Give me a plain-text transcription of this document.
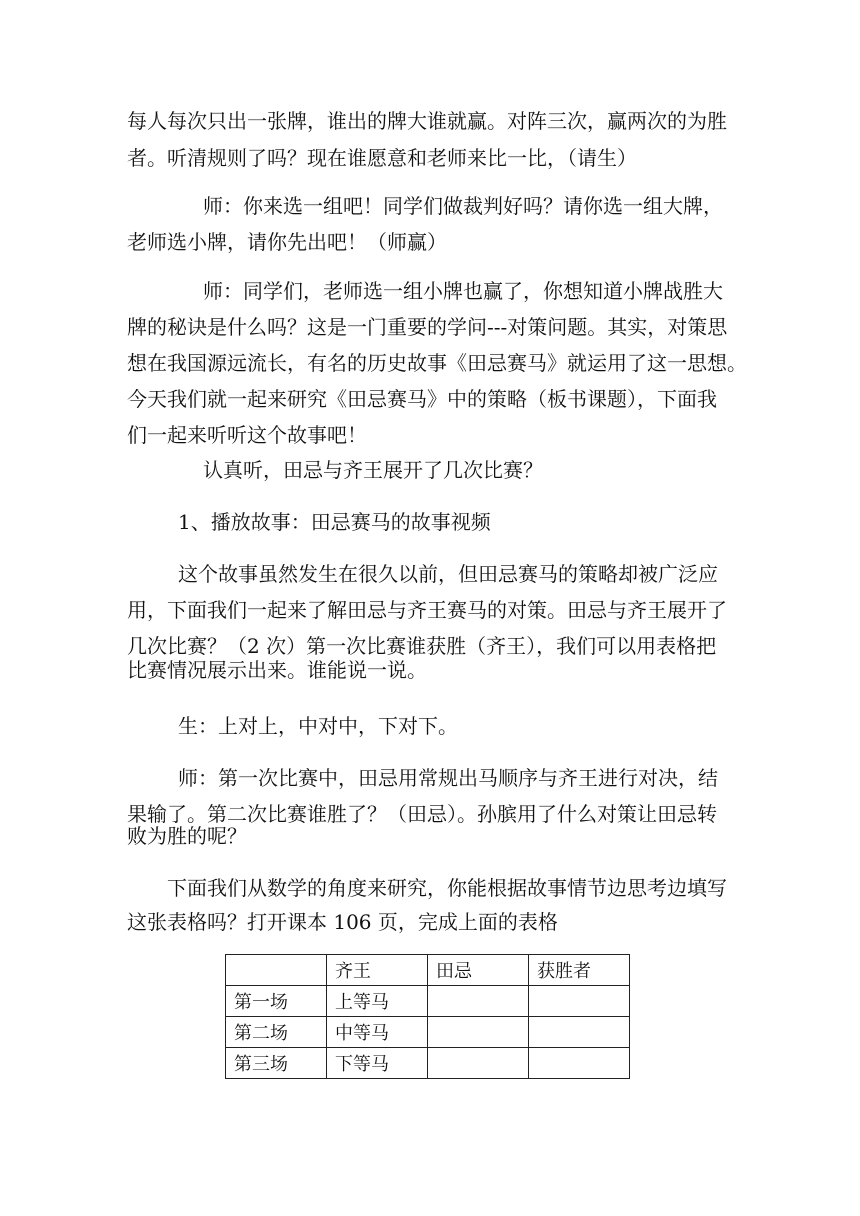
每人每次只出一张牌，谁出的牌大谁就赢。对阵三次，赢两次的为胜
者。听清规则了吗？现在谁愿意和老师来比一比，（请生）
师：你来选一组吧！同学们做裁判好吗？请你选一组大牌，
老师选小牌，请你先出吧！（师赢）
师：同学们，老师选一组小牌也赢了，你想知道小牌战胜大
牌的秘诀是什么吗？这是一门重要的学问---对策问题。其实，对策思
想在我国源远流长，有名的历史故事《田忌赛马》就运用了这一思想。
今天我们就一起来研究《田忌赛马》中的策略（板书课题），下面我
们一起来听听这个故事吧！
认真听，田忌与齐王展开了几次比赛？
1、播放故事：田忌赛马的故事视频
这个故事虽然发生在很久以前，但田忌赛马的策略却被广泛应
用，下面我们一起来了解田忌与齐王赛马的对策。田忌与齐王展开了
几次比赛？（2 次）第一次比赛谁获胜（齐王），我们可以用表格把
比赛情况展示出来。谁能说一说。
生：上对上，中对中，下对下。
师：第一次比赛中，田忌用常规出马顺序与齐王进行对决，结
果输了。第二次比赛谁胜了？（田忌）。孙膑用了什么对策让田忌转
败为胜的呢？
下面我们从数学的角度来研究，你能根据故事情节边思考边填写
这张表格吗？打开课本 106 页，完成上面的表格
	齐王	田忌	获胜者
第一场	上等马		
第二场	中等马		
第三场	下等马		
